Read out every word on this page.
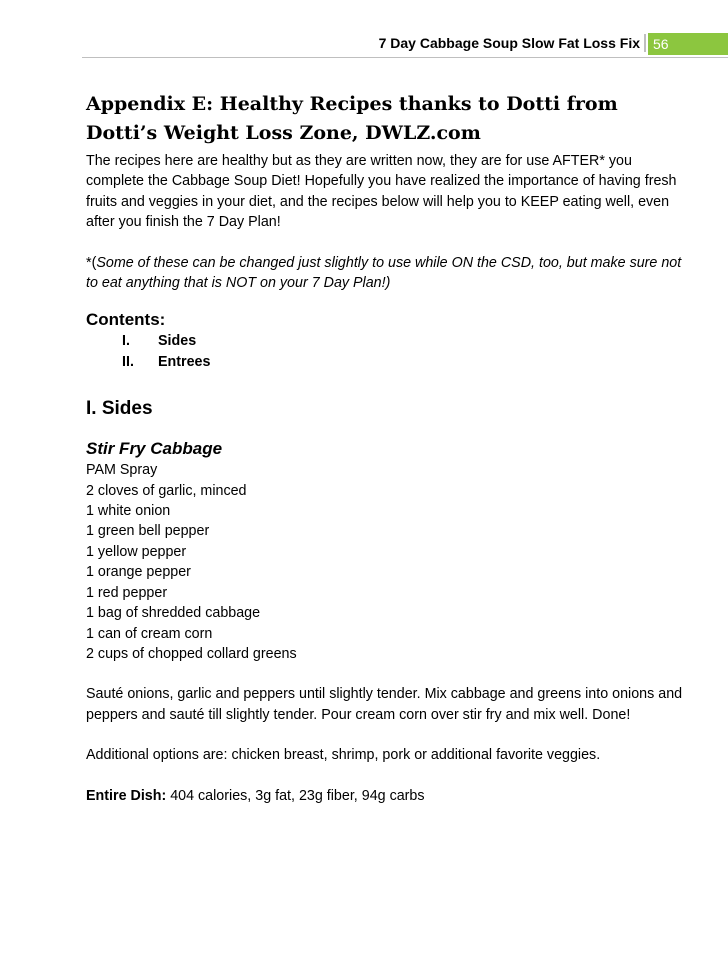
7 Day Cabbage Soup Slow Fat Loss Fix 56
Appendix E: Healthy Recipes thanks to Dotti from Dotti’s Weight Loss Zone, DWLZ.com

The recipes here are healthy but as they are written now, they are for use AFTER* you complete the Cabbage Soup Diet! Hopefully you have realized the importance of having fresh fruits and veggies in your diet, and the recipes below will help you to KEEP eating well, even after you finish the 7 Day Plan!

*(Some of these can be changed just slightly to use while ON the CSD, too, but make sure not to eat anything that is NOT on your 7 Day Plan!)

Contents:
I.	Sides
II.	Entrees
I. Sides
Stir Fry Cabbage
PAM Spray
2 cloves of garlic, minced
1 white onion
1 green bell pepper
1 yellow pepper
1 orange pepper
1 red pepper
1 bag of shredded cabbage
1 can of cream corn
2 cups of chopped collard greens

Sauté onions, garlic and peppers until slightly tender. Mix cabbage and greens into onions and peppers and sauté till slightly tender. Pour cream corn over stir fry and mix well. Done!

Additional options are: chicken breast, shrimp, pork or additional favorite veggies.

Entire Dish: 404 calories, 3g fat, 23g fiber, 94g carbs
